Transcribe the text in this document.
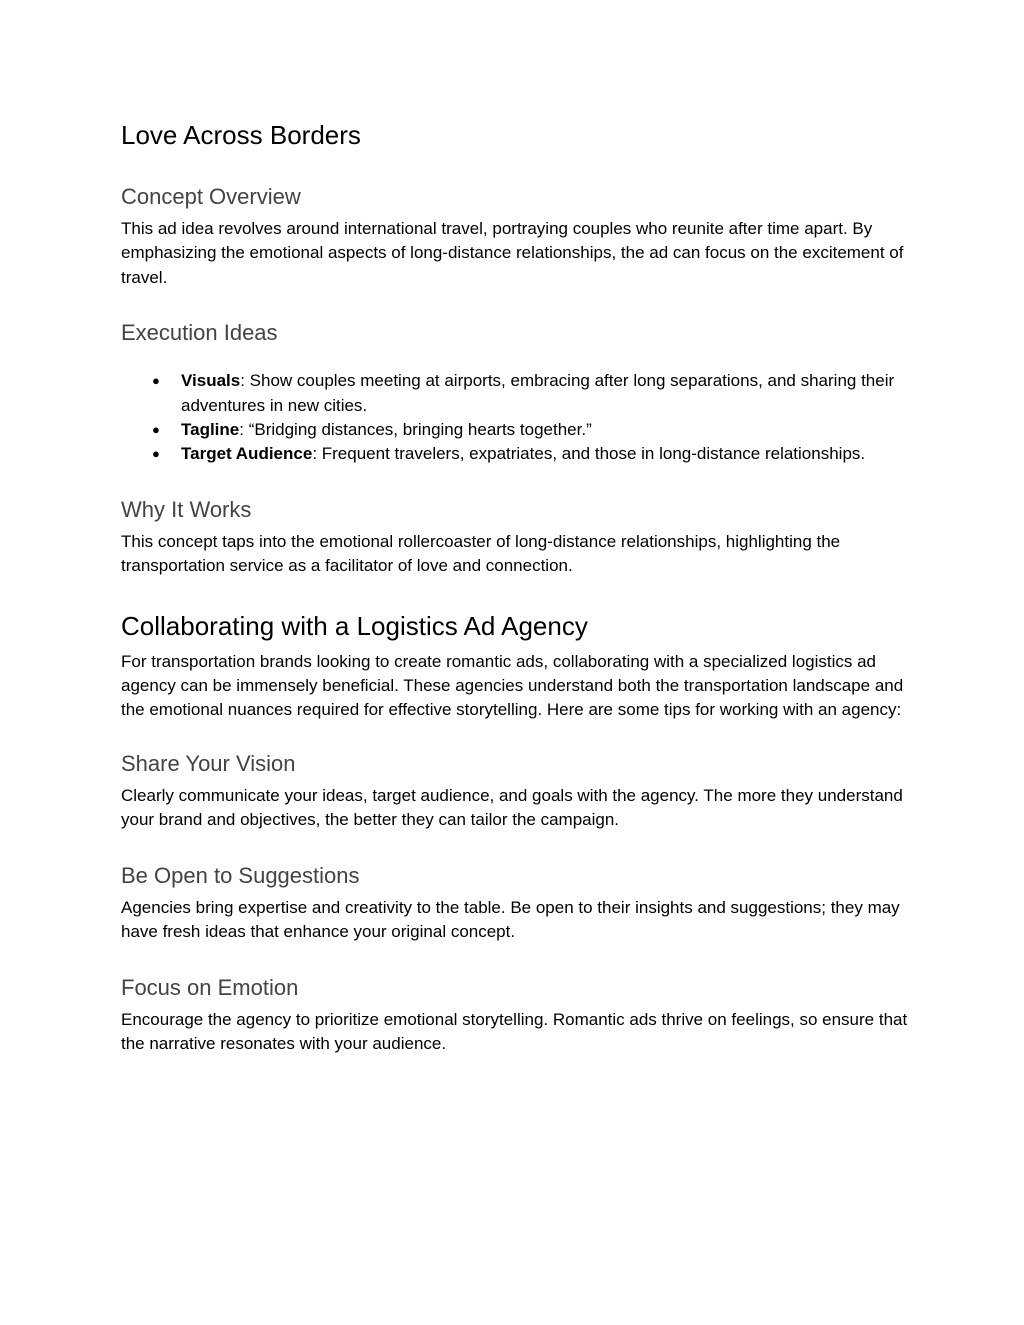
Love Across Borders
Concept Overview

This ad idea revolves around international travel, portraying couples who reunite after time apart. By emphasizing the emotional aspects of long-distance relationships, the ad can focus on the excitement of travel.

Execution Ideas
● Visuals: Show couples meeting at airports, embracing after long separations, and sharing their adventures in new cities.
● Tagline: “Bridging distances, bringing hearts together.”
● Target Audience: Frequent travelers, expatriates, and those in long-distance relationships.
Why It Works

This concept taps into the emotional rollercoaster of long-distance relationships, highlighting the transportation service as a facilitator of love and connection.

Collaborating with a Logistics Ad Agency

For transportation brands looking to create romantic ads, collaborating with a specialized logistics ad agency can be immensely beneficial. These agencies understand both the transportation landscape and the emotional nuances required for effective storytelling. Here are some tips for working with an agency:

Share Your Vision

Clearly communicate your ideas, target audience, and goals with the agency. The more they understand your brand and objectives, the better they can tailor the campaign.

Be Open to Suggestions

Agencies bring expertise and creativity to the table. Be open to their insights and suggestions; they may have fresh ideas that enhance your original concept.

Focus on Emotion

Encourage the agency to prioritize emotional storytelling. Romantic ads thrive on feelings, so ensure that the narrative resonates with your audience.
